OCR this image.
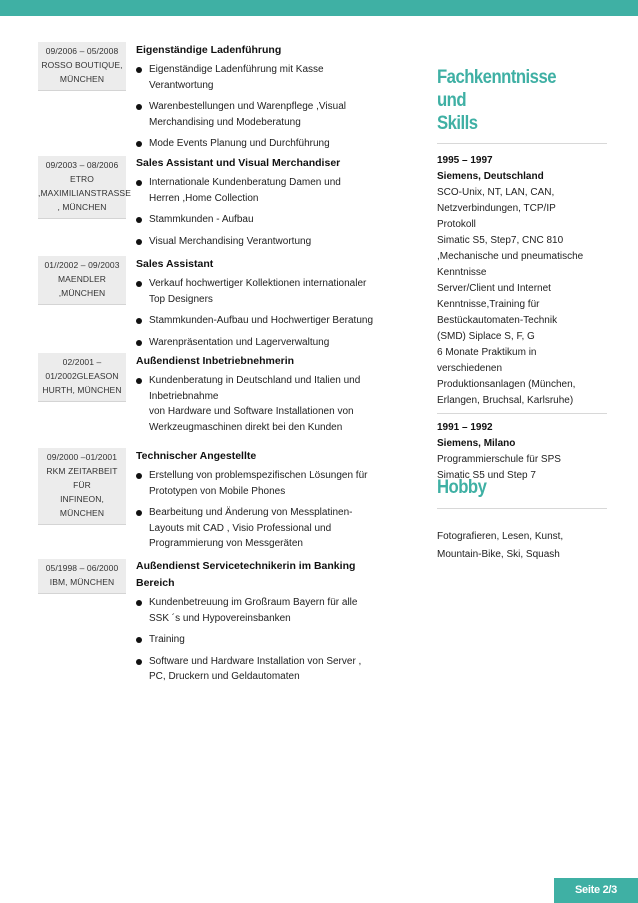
09/2006 – 05/2008
ROSSO BOUTIQUE,
MÜNCHEN
Eigenständige Ladenführung
Eigenständige Ladenführung mit Kasse
Verantwortung
Warenbestellungen und Warenpflege ,Visual
Merchandising und Modeberatung
Mode Events Planung und Durchführung
09/2003 – 08/2006
ETRO
,MAXIMILIANSTRASSE
, MÜNCHEN
Sales Assistant und Visual Merchandiser
Internationale Kundenberatung Damen und
Herren ,Home Collection
Stammkunden - Aufbau
Visual Merchandising Verantwortung
01//2002 – 09/2003
MAENDLER
,MÜNCHEN
Sales Assistant
Verkauf hochwertiger Kollektionen internationaler
Top Designers
Stammkunden-Aufbau und Hochwertiger Beratung
Warenpräsentation und Lagerverwaltung
02/2001 –
01/2002GLEASON
HURTH, MÜNCHEN
Außendienst Inbetriebnehmerin
Kundenberatung in Deutschland und Italien und
Inbetriebnahme
von Hardware und Software Installationen von
Werkzeugmaschinen direkt bei den Kunden
09/2000 –01/2001
RKM ZEITARBEIT FÜR
INFINEON,
MÜNCHEN
Technischer Angestellte
Erstellung von problemspezifischen Lösungen für
Prototypen von Mobile Phones
Bearbeitung und Änderung von Messplatinen-
Layouts mit CAD , Visio Professional und
Programmierung von Messgeräten
05/1998 – 06/2000
IBM, MÜNCHEN
Außendienst Servicetechnikerin im Banking Bereich
Kundenbetreuung im Großraum Bayern für alle
SSK ´s und Hypovereinsbanken
Training
Software und Hardware Installation von Server ,
PC, Druckern und Geldautomaten
Fachkenntnisse und
Skills
1995 – 1997
Siemens, Deutschland
SCO-Unix, NT, LAN, CAN,
Netzverbindungen, TCP/IP
Protokoll
Simatic S5, Step7, CNC 810
,Mechanische und pneumatische
Kenntnisse
Server/Client und Internet
Kenntnisse,Training für
Bestückautomaten-Technik
(SMD) Siplace S, F, G
6 Monate Praktikum in
verschiedenen
Produktionsanlagen (München,
Erlangen, Bruchsal, Karlsruhe)
1991 – 1992
Siemens, Milano
Programmierschule für SPS
Simatic S5 und Step 7
Hobby
Fotografieren, Lesen, Kunst,
Mountain-Bike, Ski, Squash
Seite 2/3
